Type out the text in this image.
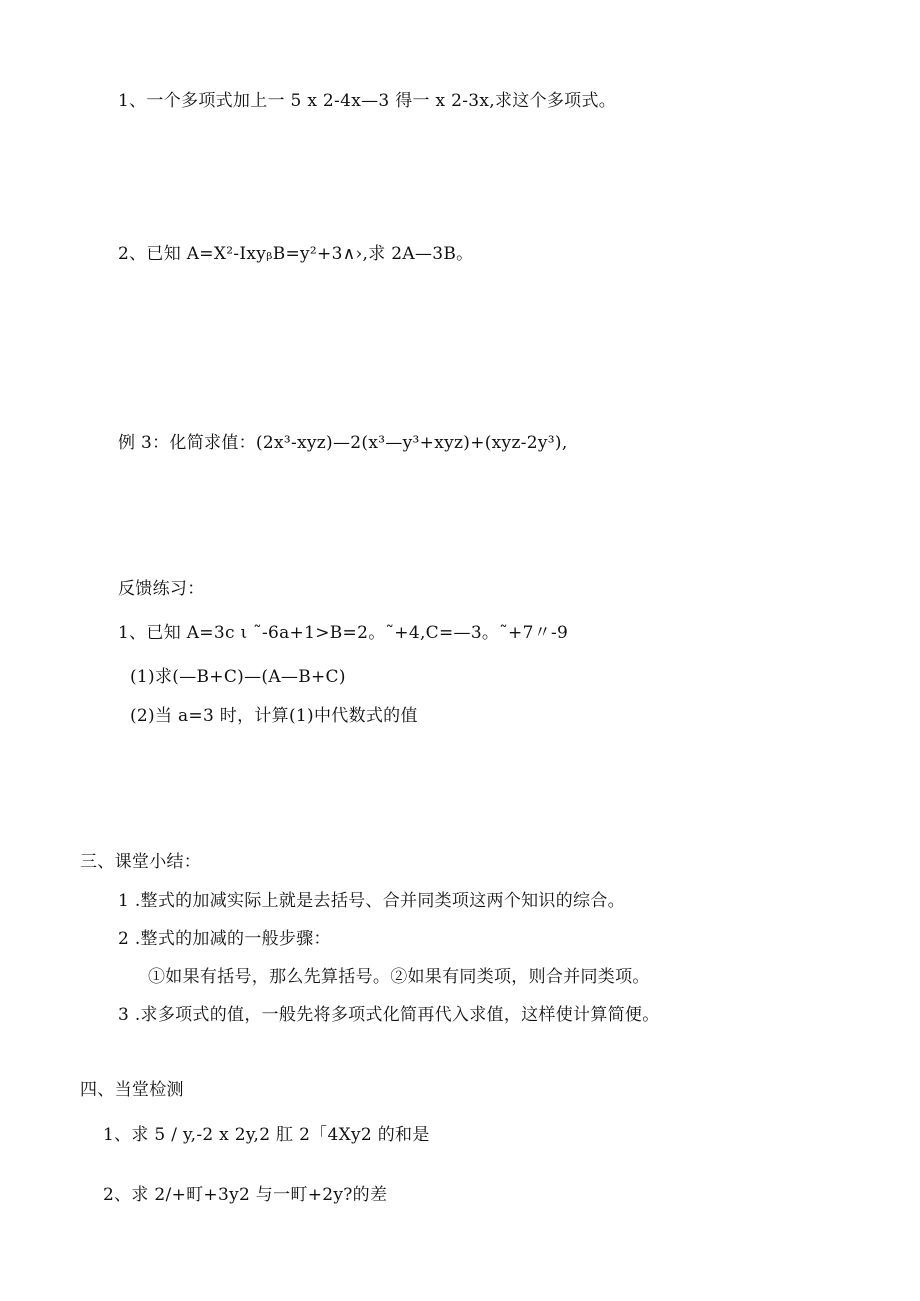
1、一个多项式加上一 5 x 2-4x—3 得一 x 2-3x,求这个多项式。
2、已知 A=X²-IxyᵦB=y²+3∧›,求 2A—3B。
例 3：化简求值：(2x³-xyz)—2(x³—y³+xyz)+(xyz-2y³),
反馈练习：
1、已知 A=3c ι ˜-6a+1>B=2。˜+4,C=—3。˜+7〃-9
(1)求(—B+C)—(A—B+C)
(2)当 a=3 时，计算(1)中代数式的值
三、课堂小结：
1 .整式的加减实际上就是去括号、合并同类项这两个知识的综合。
2 .整式的加减的一般步骤：
①如果有括号，那么先算括号。②如果有同类项，则合并同类项。
3 .求多项式的值，一般先将多项式化简再代入求值，这样使计算简便。
四、当堂检测
1、求 5 / y,-2 x 2y,2 肛 2「4Xy2 的和是
2、求 2/+町+3y2 与一町+2y?的差
